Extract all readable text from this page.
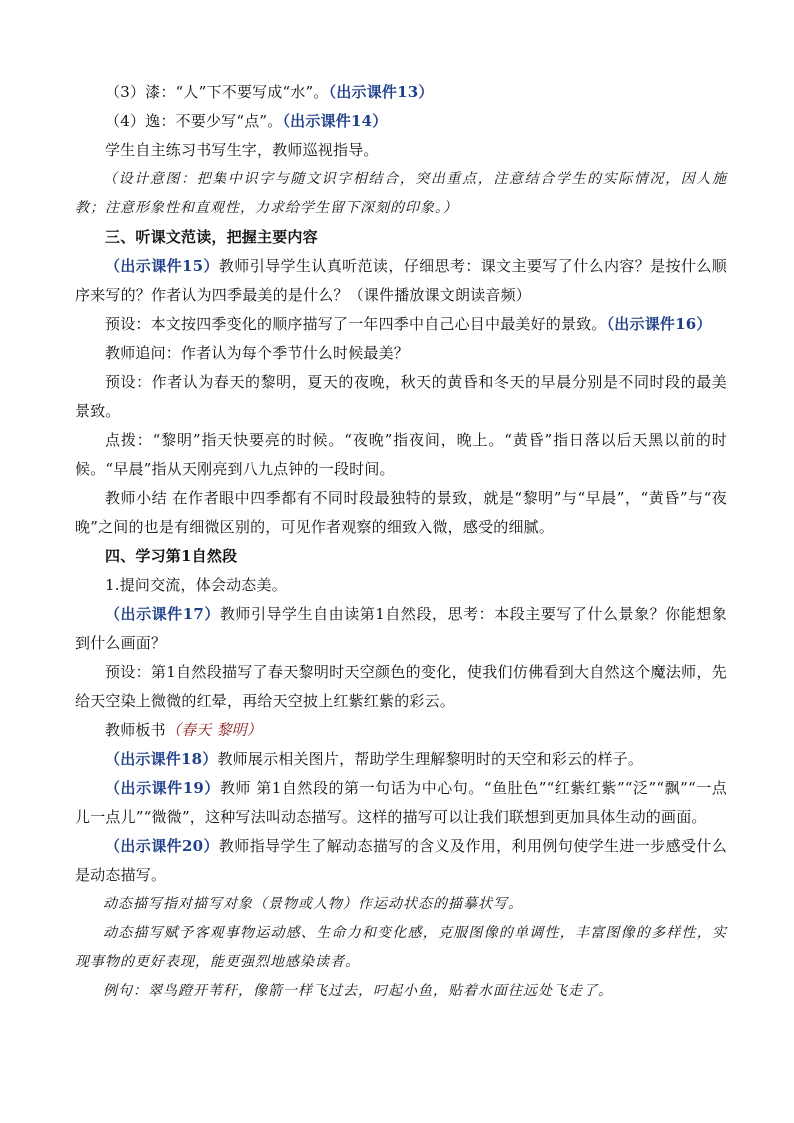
（3）漆：“人”下不要写成“水”。（出示课件13）

（4）逸：不要少写“点”。（出示课件14）

学生自主练习书写生字，教师巡视指导。

（设计意图：把集中识字与随文识字相结合，突出重点，注意结合学生的实际情况，因人施教；注意形象性和直观性，力求给学生留下深刻的印象。）

三、听课文范读，把握主要内容

（出示课件15）教师引导学生认真听范读，仔细思考：课文主要写了什么内容？是按什么顺序来写的？作者认为四季最美的是什么？（课件播放课文朗读音频）

预设：本文按四季变化的顺序描写了一年四季中自己心目中最美好的景致。（出示课件16）

教师追问：作者认为每个季节什么时候最美？

预设：作者认为春天的黎明，夏天的夜晚，秋天的黄昏和冬天的早晨分别是不同时段的最美景致。

点拨：“黎明”指天快要亮的时候。“夜晚”指夜间，晚上。“黄昏”指日落以后天黑以前的时候。“早晨”指从天刚亮到八九点钟的一段时间。

教师小结 在作者眼中四季都有不同时段最独特的景致，就是“黎明”与“早晨”，“黄昏”与“夜晚”之间的也是有细微区别的，可见作者观察的细致入微，感受的细腻。

四、学习第1自然段

1.提问交流，体会动态美。

（出示课件17）教师引导学生自由读第1自然段，思考：本段主要写了什么景象？你能想象到什么画面？

预设：第1自然段描写了春天黎明时天空颜色的变化，使我们仿佛看到大自然这个魔法师，先给天空染上微微的红晕，再给天空披上红紫红紫的彩云。

教师板书（春天 黎明）

（出示课件18）教师展示相关图片，帮助学生理解黎明时的天空和彩云的样子。

（出示课件19）教师 第1自然段的第一句话为中心句。“鱼肚色”“红紫红紫”“泛”“飘”“一点儿一点儿”“微微”，这种写法叫动态描写。这样的描写可以让我们联想到更加具体生动的画面。

（出示课件20）教师指导学生了解动态描写的含义及作用，利用例句使学生进一步感受什么是动态描写。

动态描写指对描写对象（景物或人物）作运动状态的描摹状写。

动态描写赋予客观事物运动感、生命力和变化感，克服图像的单调性，丰富图像的多样性，实现事物的更好表现，能更强烈地感染读者。

例句：翠鸟蹬开苇秆，像箭一样飞过去，叼起小鱼，贴着水面往远处飞走了。
